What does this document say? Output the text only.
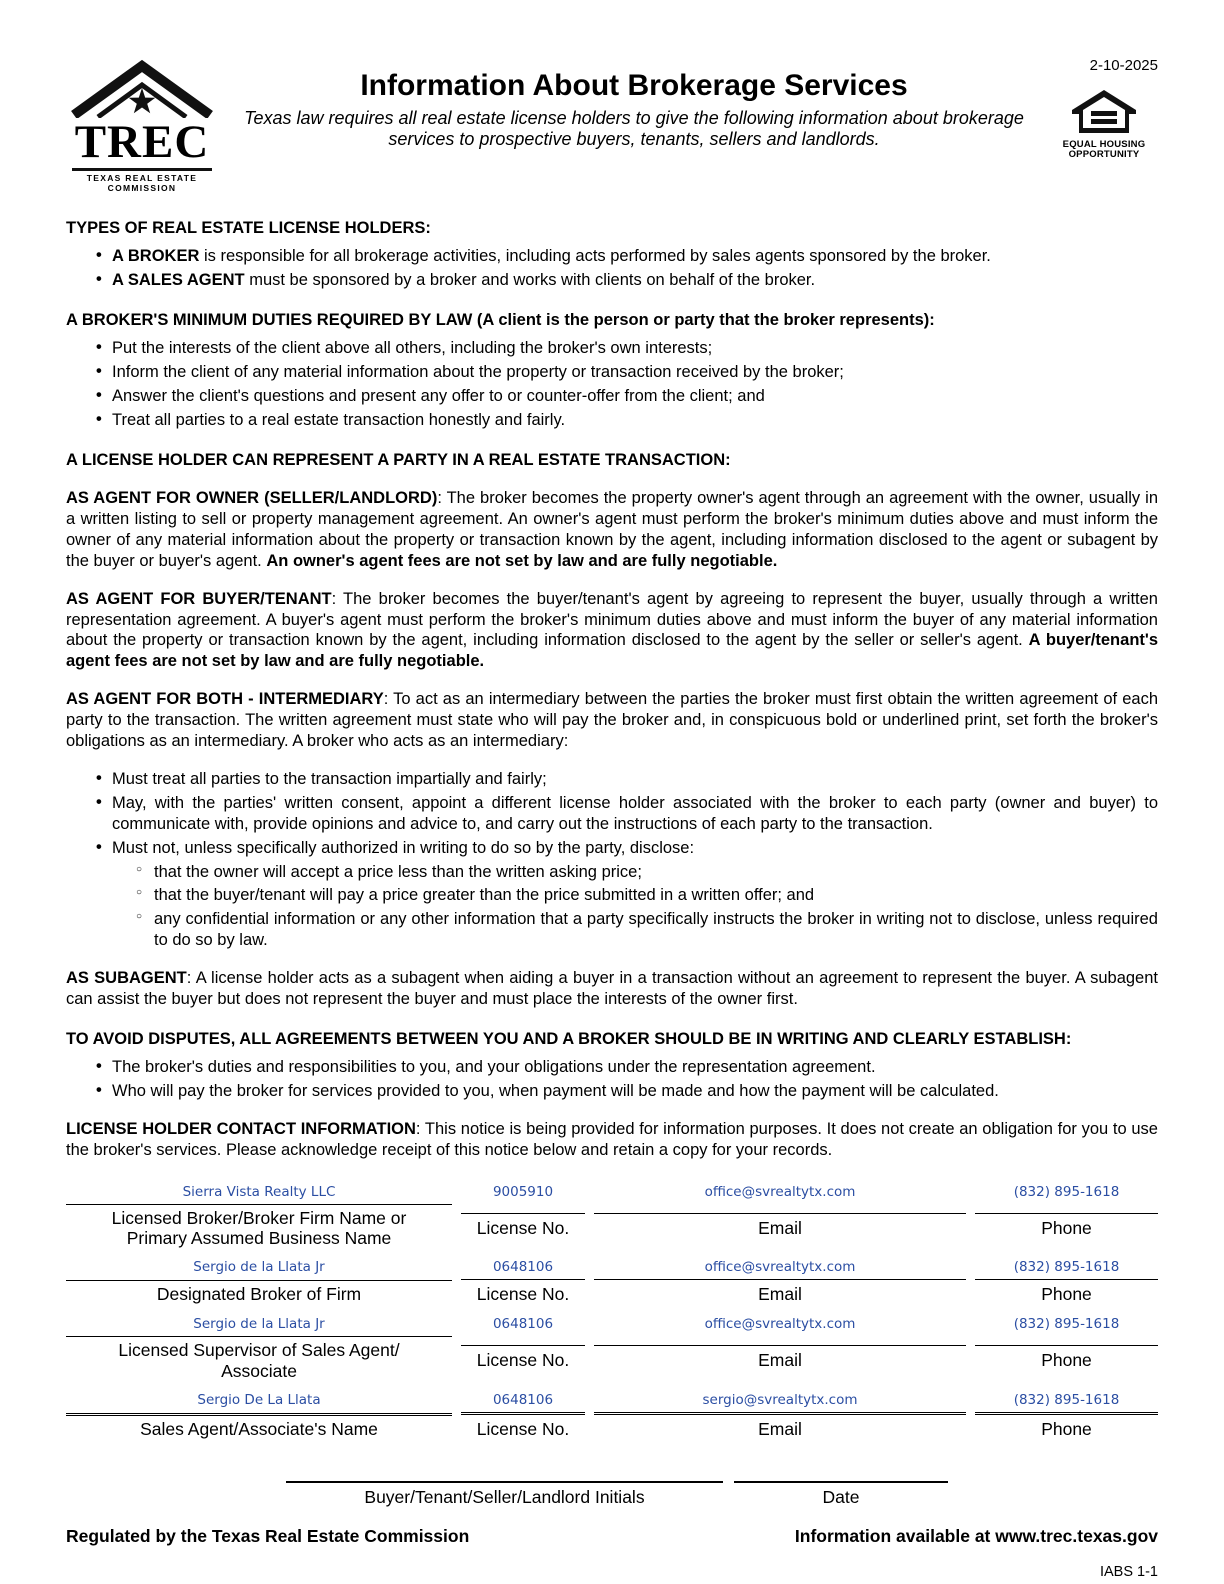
TREC
TEXAS REAL ESTATE COMMISSION
Information About Brokerage Services
Texas law requires all real estate license holders to give the following information about brokerage services to prospective buyers, tenants, sellers and landlords.
2-10-2025
EQUAL HOUSING
OPPORTUNITY
TYPES OF REAL ESTATE LICENSE HOLDERS:
• A BROKER is responsible for all brokerage activities, including acts performed by sales agents sponsored by the broker.
• A SALES AGENT must be sponsored by a broker and works with clients on behalf of the broker.
A BROKER'S MINIMUM DUTIES REQUIRED BY LAW (A client is the person or party that the broker represents):
• Put the interests of the client above all others, including the broker's own interests;
• Inform the client of any material information about the property or transaction received by the broker;
• Answer the client's questions and present any offer to or counter-offer from the client; and
• Treat all parties to a real estate transaction honestly and fairly.
A LICENSE HOLDER CAN REPRESENT A PARTY IN A REAL ESTATE TRANSACTION:

AS AGENT FOR OWNER (SELLER/LANDLORD): The broker becomes the property owner's agent through an agreement with the owner, usually in a written listing to sell or property management agreement. An owner's agent must perform the broker's minimum duties above and must inform the owner of any material information about the property or transaction known by the agent, including information disclosed to the agent or subagent by the buyer or buyer's agent. An owner's agent fees are not set by law and are fully negotiable.

AS AGENT FOR BUYER/TENANT: The broker becomes the buyer/tenant's agent by agreeing to represent the buyer, usually through a written representation agreement. A buyer's agent must perform the broker's minimum duties above and must inform the buyer of any material information about the property or transaction known by the agent, including information disclosed to the agent by the seller or seller's agent. A buyer/tenant's agent fees are not set by law and are fully negotiable.

AS AGENT FOR BOTH - INTERMEDIARY: To act as an intermediary between the parties the broker must first obtain the written agreement of each party to the transaction. The written agreement must state who will pay the broker and, in conspicuous bold or underlined print, set forth the broker's obligations as an intermediary. A broker who acts as an intermediary:

• Must treat all parties to the transaction impartially and fairly;
• May, with the parties' written consent, appoint a different license holder associated with the broker to each party (owner and buyer) to communicate with, provide opinions and advice to, and carry out the instructions of each party to the transaction.
• Must not, unless specifically authorized in writing to do so by the party, disclose:
○ that the owner will accept a price less than the written asking price;
○ that the buyer/tenant will pay a price greater than the price submitted in a written offer; and
○ any confidential information or any other information that a party specifically instructs the broker in writing not to disclose, unless required to do so by law.

AS SUBAGENT: A license holder acts as a subagent when aiding a buyer in a transaction without an agreement to represent the buyer. A subagent can assist the buyer but does not represent the buyer and must place the interests of the owner first.

TO AVOID DISPUTES, ALL AGREEMENTS BETWEEN YOU AND A BROKER SHOULD BE IN WRITING AND CLEARLY ESTABLISH:
• The broker's duties and responsibilities to you, and your obligations under the representation agreement.
• Who will pay the broker for services provided to you, when payment will be made and how the payment will be calculated.

LICENSE HOLDER CONTACT INFORMATION: This notice is being provided for information purposes. It does not create an obligation for you to use the broker's services. Please acknowledge receipt of this notice below and retain a copy for your records.

Sierra Vista Realty LLC	9005910	office@svrealtytx.com	(832) 895-1618
Licensed Broker/Broker Firm Name or Primary Assumed Business Name
License No.	Email	Phone
Sergio de la Llata Jr	0648106	office@svrealtytx.com	(832) 895-1618
Designated Broker of Firm	License No.	Email	Phone
Sergio de la Llata Jr	0648106	office@svrealtytx.com	(832) 895-1618
Licensed Supervisor of Sales Agent/ Associate
License No.	Email	Phone
Sergio De La Llata	0648106	sergio@svrealtytx.com	(832) 895-1618
Sales Agent/Associate's Name	License No.	Email	Phone
Buyer/Tenant/Seller/Landlord Initials	Date
Regulated by the Texas Real Estate Commission	Information available at www.trec.texas.gov
IABS 1-1
